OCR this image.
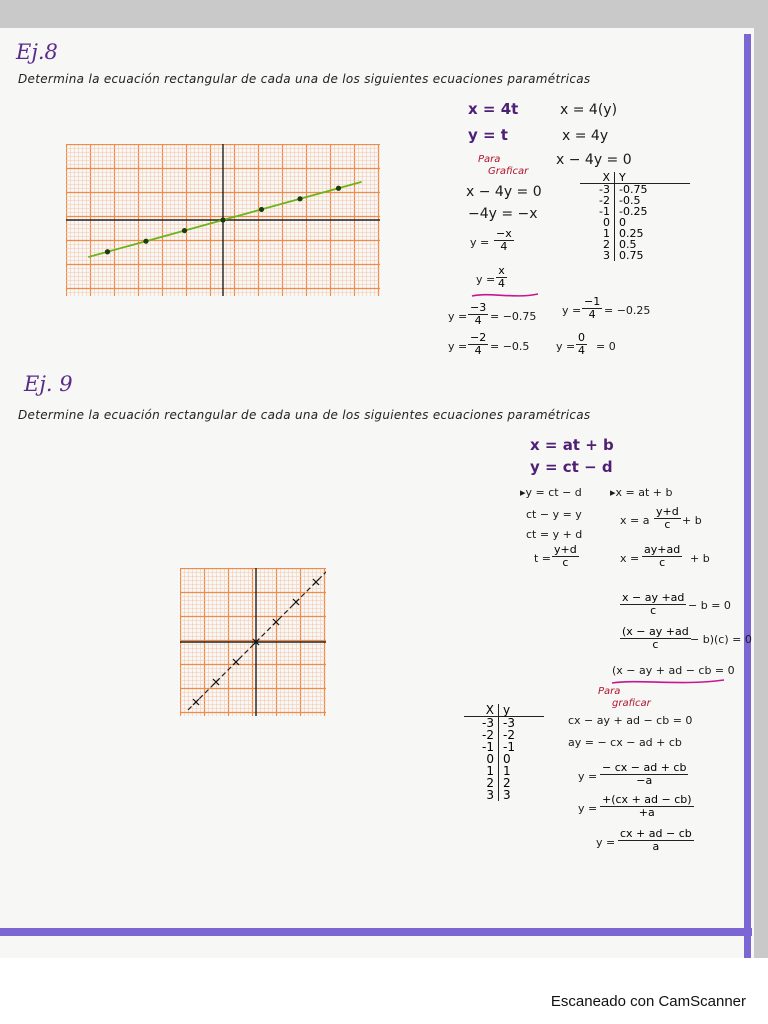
Ej.8
Determina la ecuación rectangular de cada una de los siguientes ecuaciones paramétricas
x = 4t
y = t
x = 4(y)
x = 4y
x − 4y = 0
Para
Graficar
x − 4y = 0
−4y = −x
$y = \frac{-x}{4}$
$y = \frac{x}{4}$
$y = \frac{-3}{4} = -0.75$ $y = \frac{-1}{4} = -0.25$
$y = \frac{-2}{4} = -0.5$ $y = \frac{0}{4} = 0$
X Y
-3 -0.75
-2 -0.5
-1 -0.25
0 0
1 0.25
2 0.5
3 0.75
Ej. 9
Determine la ecuación rectangular de cada una de los siguientes ecuaciones paramétricas
x = at + b
y = ct − d
▸y = ct − d
ct − y = y
ct = y + d
$t = \frac{y+d}{c}$
▸x = at + b
x = a $\frac{y+d}{c} + b$
$x = \frac{ay+ad}{c} + b$
$\frac{x - ay +ad}{c} - b = 0$
$\frac{(x - ay +ad}{c} - b)(c) = 0$
(x − ay + ad − cb = 0
Para
graficar
cx − ay + ad − cb = 0
ay = − cx − ad + cb
$y = \frac{- cx - ad + cb}{-a}$
$y = \frac{+(cx + ad - cb)}{+a}$
$y = \frac{cx + ad - cb}{a}$
X y
-3 -3
-2 -2
-1 -1
0 0
1 1
2 2
3 3
Escaneado con CamScanner
